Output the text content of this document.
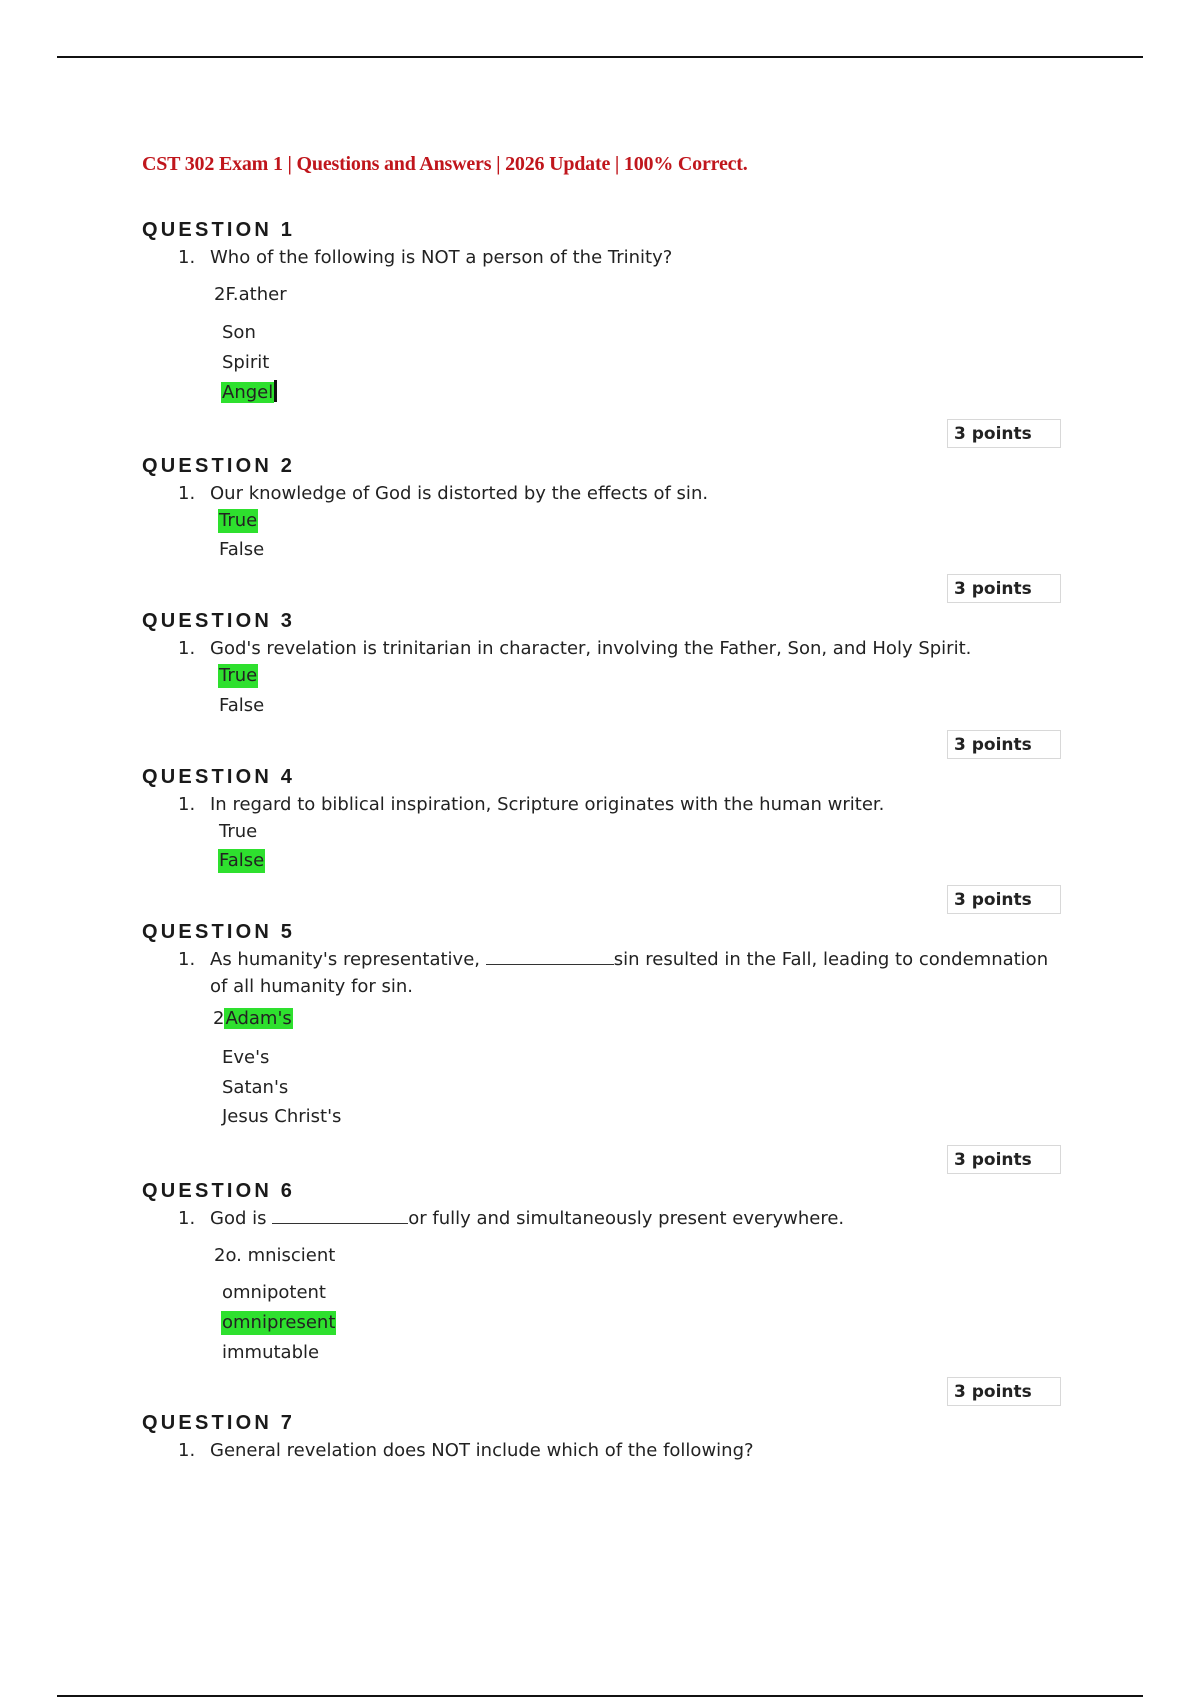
CST 302 Exam 1 | Questions and Answers | 2026 Update | 100% Correct.
QUESTION 1
1. Who of the following is NOT a person of the Trinity?
2F.ather
Son
Spirit
Angel
3 points
QUESTION 2
1. Our knowledge of God is distorted by the effects of sin.
True
False
3 points
QUESTION 3
1. God's revelation is trinitarian in character, involving the Father, Son, and Holy Spirit.
True
False
3 points
QUESTION 4
1. In regard to biblical inspiration, Scripture originates with the human writer.
True
False
3 points
QUESTION 5
1. As humanity's representative,	sin resulted in the Fall, leading to condemnation
of all humanity for sin.
2Adam's
Eve's
Satan's
Jesus Christ's
3 points
QUESTION 6
1. God is	or fully and simultaneously present everywhere.
2o. mniscient
omnipotent
omnipresent
immutable
3 points
QUESTION 7
1. General revelation does NOT include which of the following?
